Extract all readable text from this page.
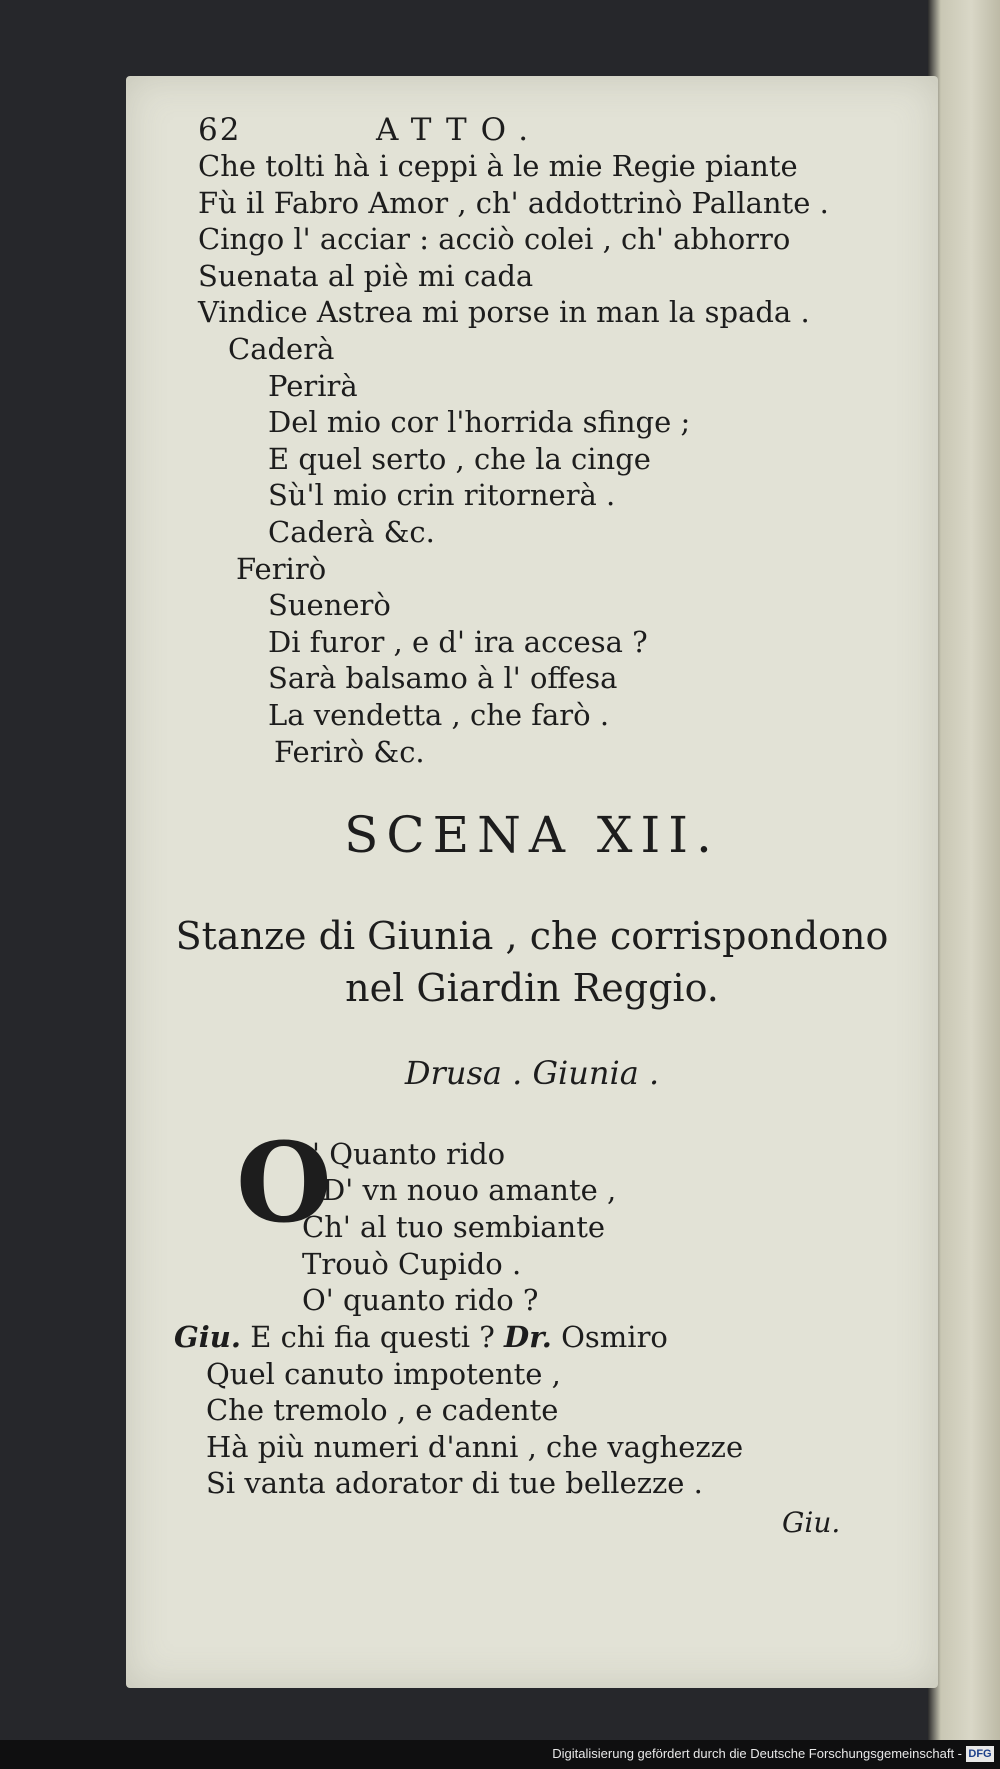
62	ATTO.
Che tolti hà i ceppi à le mie Regie piante
Fù il Fabro Amor , ch' addottrinò Pallante .
Cingo l' acciar : acciò colei , ch' abhorro
Suenata al piè mi cada
Vindice Astrea mi porse in man la spada .
Caderà
Perirà
Del mio cor l'horrida sfinge ;
E quel serto , che la cinge
Sù'l mio crin ritornerà .
Caderà &c.
Ferirò
Suenerò
Di furor , e d' ira accesa ?
Sarà balsamo à l' offesa
La vendetta , che farò .
Ferirò &c.
SCENA XII.
Stanze di Giunia , che corrispondono
nel Giardin Reggio.
Drusa . Giunia .
O
' Quanto rido
D' vn nouo amante ,
Ch' al tuo sembiante
Trouò Cupido .
O' quanto rido ?
Giu. E chi fia questi ? Dr. Osmiro
Quel canuto impotente ,
Che tremolo , e cadente
Hà più numeri d'anni , che vaghezze
Si vanta adorator di tue bellezze .
Giu.
Digitalisierung gefördert durch die Deutsche Forschungsgemeinschaft - DFG
